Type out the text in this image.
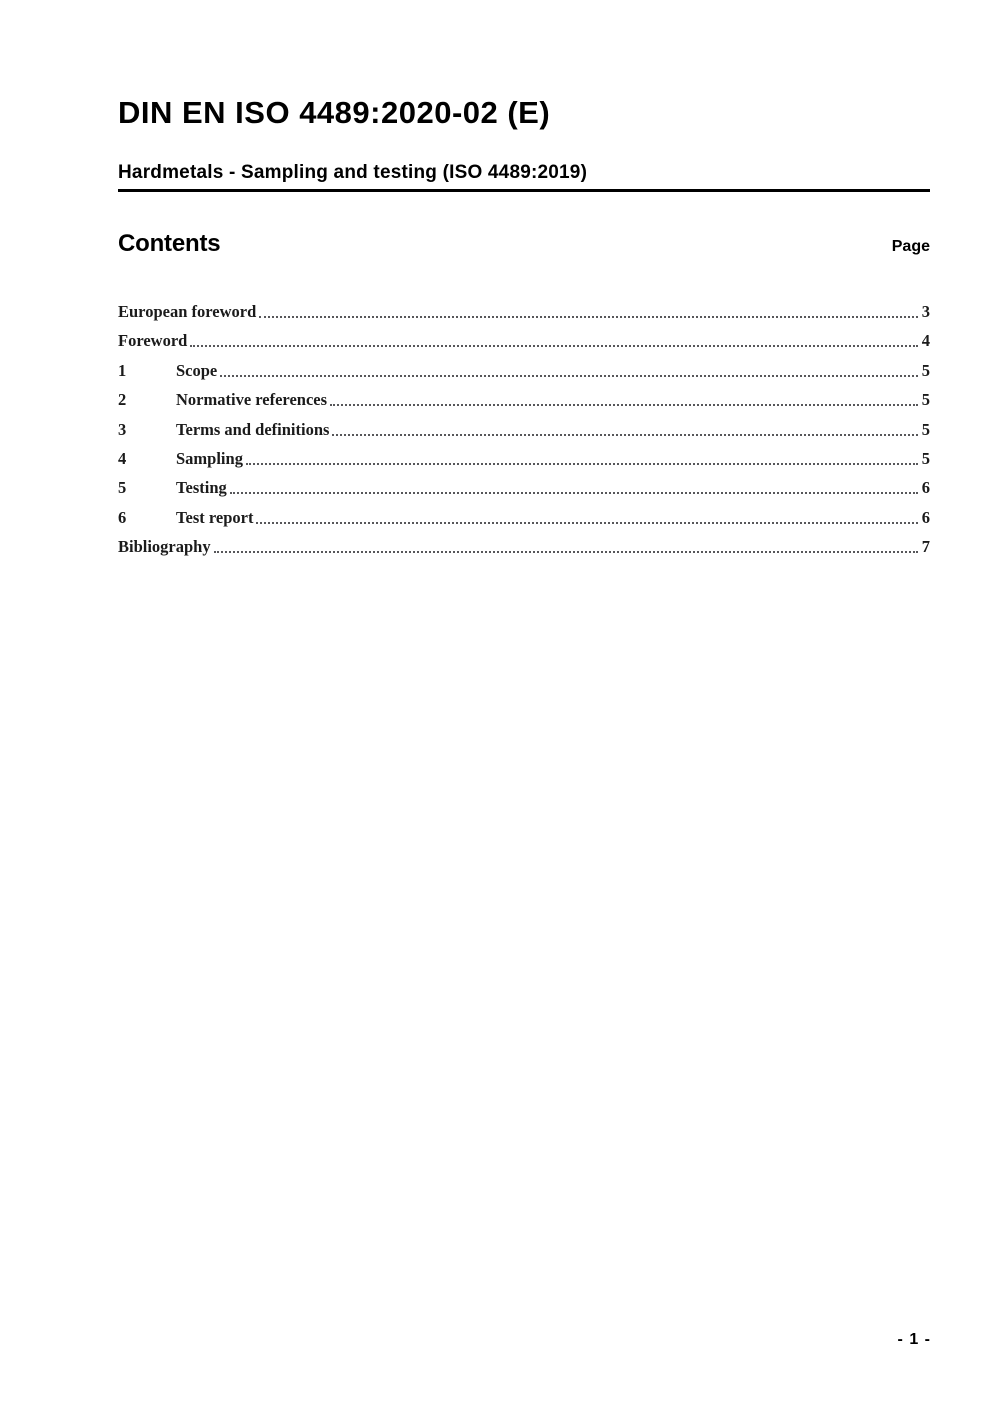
DIN EN ISO 4489:2020-02 (E)
Hardmetals - Sampling and testing (ISO 4489:2019)
Contents	Page
European foreword	3
Foreword	4
1	Scope	5
2	Normative references	5
3	Terms and definitions	5
4	Sampling	5
5	Testing	6
6	Test report	6
Bibliography	7
- 1 -
